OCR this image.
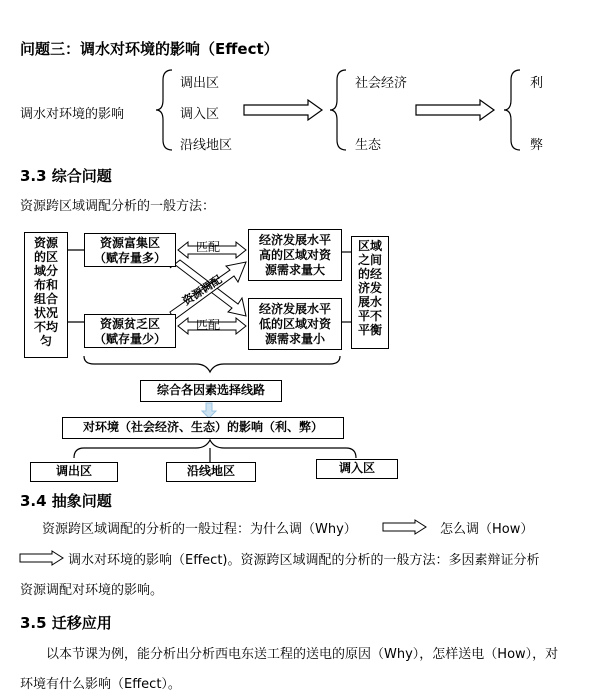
问题三：调水对环境的影响（Effect）
调水对环境的影响
调出区
调入区
沿线地区
社会经济
生态
利
弊
3.3 综合问题
资源跨区域调配分析的一般方法：
资源的区域分布和组合状况不均匀
资源富集区（赋存量多）
资源贫乏区（赋存量少）
匹配
匹配
资源调配
经济发展水平高的区域对资源需求量大
经济发展水平低的区域对资源需求量小
区域之间的经济发展水平不平衡
综合各因素选择线路
对环境（社会经济、生态）的影响（利、弊）
调出区	沿线地区	调入区
3.4 抽象问题
资源跨区域调配的分析的一般过程：为什么调（Why）	怎么调（How）
调水对环境的影响（Effect)。资源跨区域调配的分析的一般方法：多因素辩证分析
资源调配对环境的影响。
3.5 迁移应用
以本节课为例，能分析出分析西电东送工程的送电的原因（Why），怎样送电（How），对
环境有什么影响（Effect）。
